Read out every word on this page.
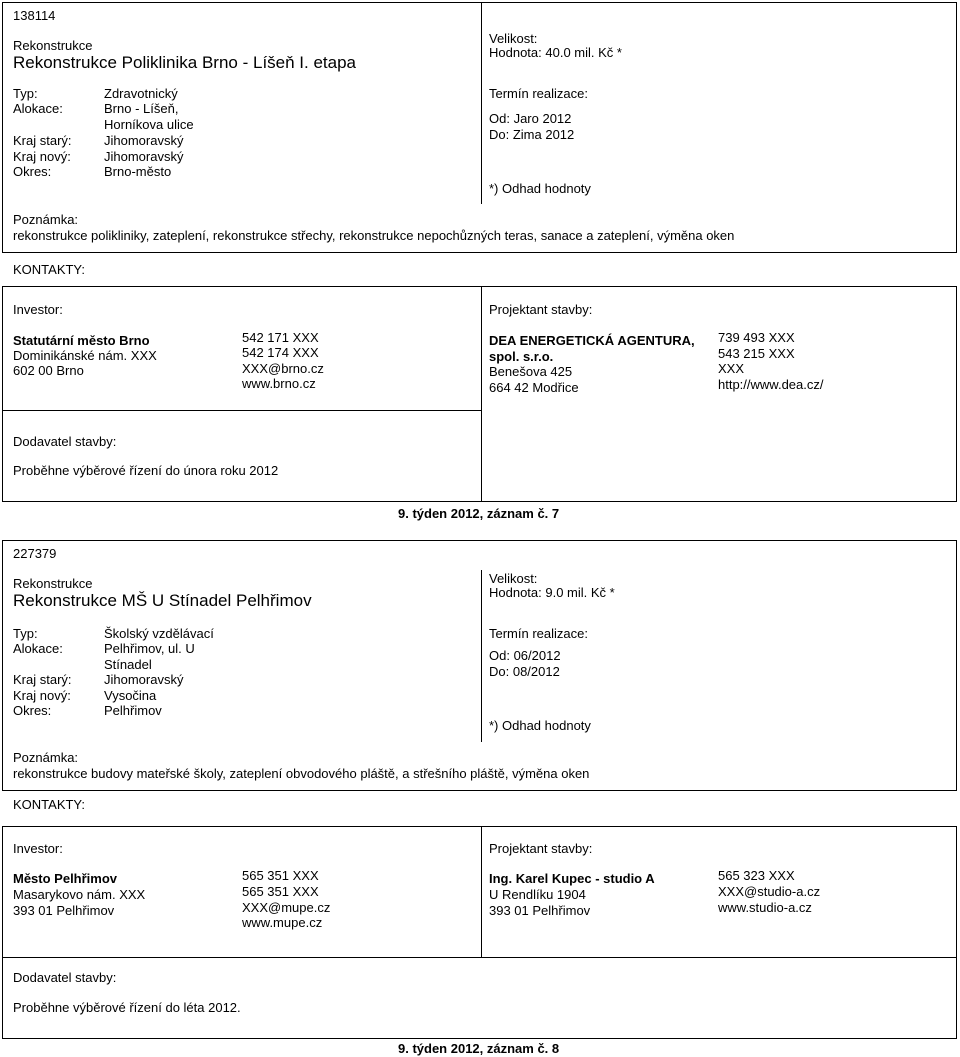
138114
Rekonstrukce
Rekonstrukce Poliklinika Brno - Líšeň I. etapa
Typ:	Zdravotnický
Alokace:	Brno - Líšeň,
Horníkova ulice
Kraj starý: Jihomoravský
Kraj nový:	Jihomoravský
Okres:	Brno-město
Velikost:
Hodnota: 40.0 mil. Kč *
Termín realizace:
Od: Jaro 2012
Do: Zima 2012
*) Odhad hodnoty
Poznámka:
rekonstrukce polikliniky, zateplení, rekonstrukce střechy, rekonstrukce nepochůzných teras, sanace a zateplení, výměna oken
KONTAKTY:
Investor:
Statutární město Brno
Dominikánské nám. XXX
602 00 Brno
542 171 XXX
542 174 XXX
XXX@brno.cz
www.brno.cz
Projektant stavby:
DEA ENERGETICKÁ AGENTURA,
spol. s.r.o.
Benešova 425
664 42 Modřice
739 493 XXX
543 215 XXX
XXX
http://www.dea.cz/
Dodavatel stavby:
Proběhne výběrové řízení do února roku 2012
9. týden 2012, záznam č. 7
227379
Rekonstrukce
Rekonstrukce MŠ U Stínadel Pelhřimov
Typ:	Školský vzdělávací
Alokace:	Pelhřimov, ul. U
Stínadel
Kraj starý: Jihomoravský
Kraj nový:	Vysočina
Okres:	Pelhřimov
Velikost:
Hodnota: 9.0 mil. Kč *
Termín realizace:
Od: 06/2012
Do: 08/2012
*) Odhad hodnoty
Poznámka:
rekonstrukce budovy mateřské školy, zateplení obvodového pláště, a střešního pláště, výměna oken
KONTAKTY:
Investor:
Město Pelhřimov
Masarykovo nám. XXX
393 01 Pelhřimov
565 351 XXX
565 351 XXX
XXX@mupe.cz
www.mupe.cz
Projektant stavby:
Ing. Karel Kupec - studio A
U Rendlíku 1904
393 01 Pelhřimov
565 323 XXX
XXX@studio-a.cz
www.studio-a.cz
Dodavatel stavby:
Proběhne výběrové řízení do léta 2012.
9. týden 2012, záznam č. 8
